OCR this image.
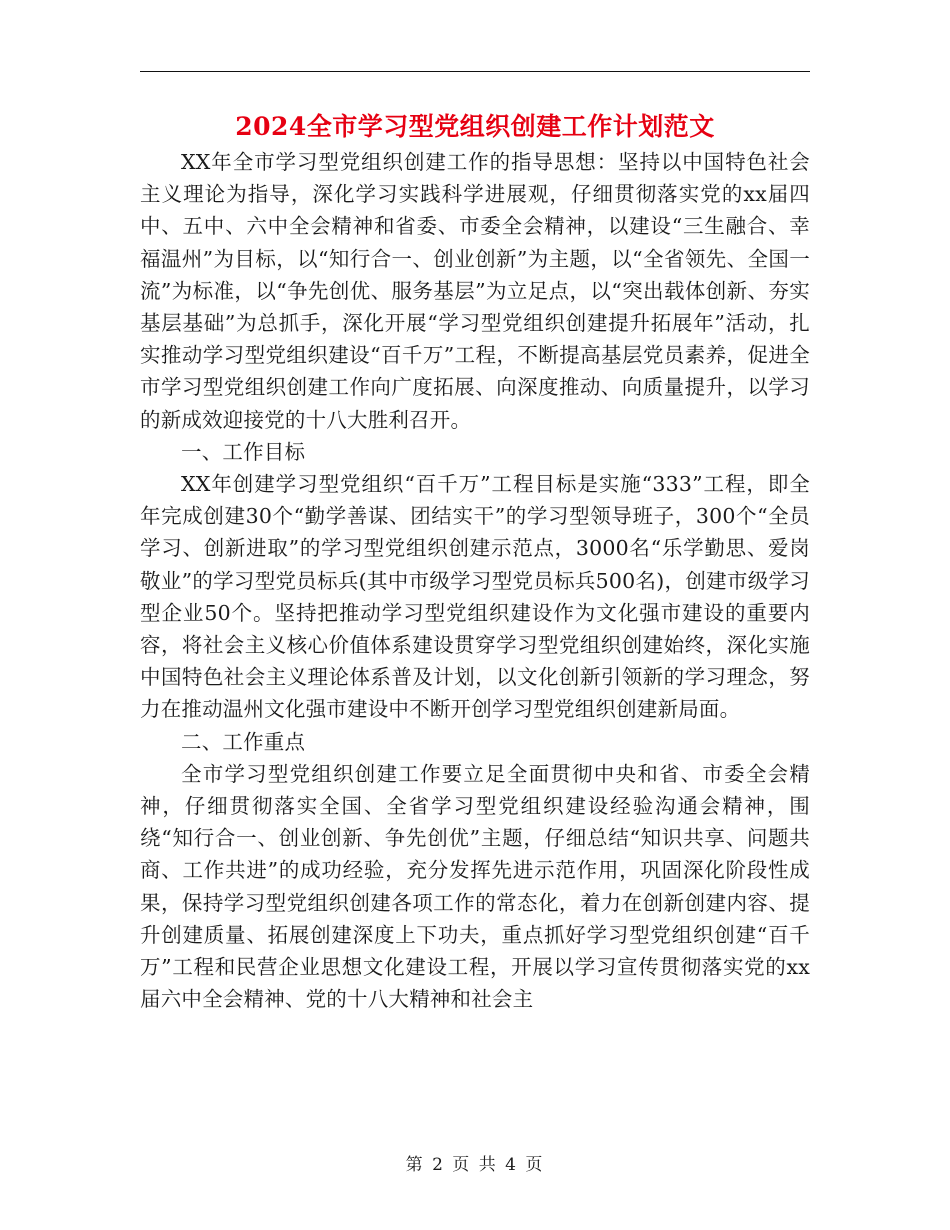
2024全市学习型党组织创建工作计划范文

XX年全市学习型党组织创建工作的指导思想：坚持以中国特色社会主义理论为指导，深化学习实践科学进展观，仔细贯彻落实党的xx届四中、五中、六中全会精神和省委、市委全会精神，以建设“三生融合、幸福温州”为目标，以“知行合一、创业创新”为主题，以“全省领先、全国一流”为标准，以“争先创优、服务基层”为立足点，以“突出载体创新、夯实基层基础”为总抓手，深化开展“学习型党组织创建提升拓展年”活动，扎实推动学习型党组织建设“百千万”工程，不断提高基层党员素养，促进全市学习型党组织创建工作向广度拓展、向深度推动、向质量提升，以学习的新成效迎接党的十八大胜利召开。

一、工作目标

XX年创建学习型党组织“百千万”工程目标是实施“333”工程，即全年完成创建30个“勤学善谋、团结实干”的学习型领导班子，300个“全员学习、创新进取”的学习型党组织创建示范点，3000名“乐学勤思、爱岗敬业”的学习型党员标兵(其中市级学习型党员标兵500名)，创建市级学习型企业50个。坚持把推动学习型党组织建设作为文化强市建设的重要内容，将社会主义核心价值体系建设贯穿学习型党组织创建始终，深化实施中国特色社会主义理论体系普及计划，以文化创新引领新的学习理念，努力在推动温州文化强市建设中不断开创学习型党组织创建新局面。

二、工作重点

全市学习型党组织创建工作要立足全面贯彻中央和省、市委全会精神，仔细贯彻落实全国、全省学习型党组织建设经验沟通会精神，围绕“知行合一、创业创新、争先创优”主题，仔细总结“知识共享、问题共商、工作共进”的成功经验，充分发挥先进示范作用，巩固深化阶段性成果，保持学习型党组织创建各项工作的常态化，着力在创新创建内容、提升创建质量、拓展创建深度上下功夫，重点抓好学习型党组织创建“百千万”工程和民营企业思想文化建设工程，开展以学习宣传贯彻落实党的xx届六中全会精神、党的十八大精神和社会主

第 2 页 共 4 页
